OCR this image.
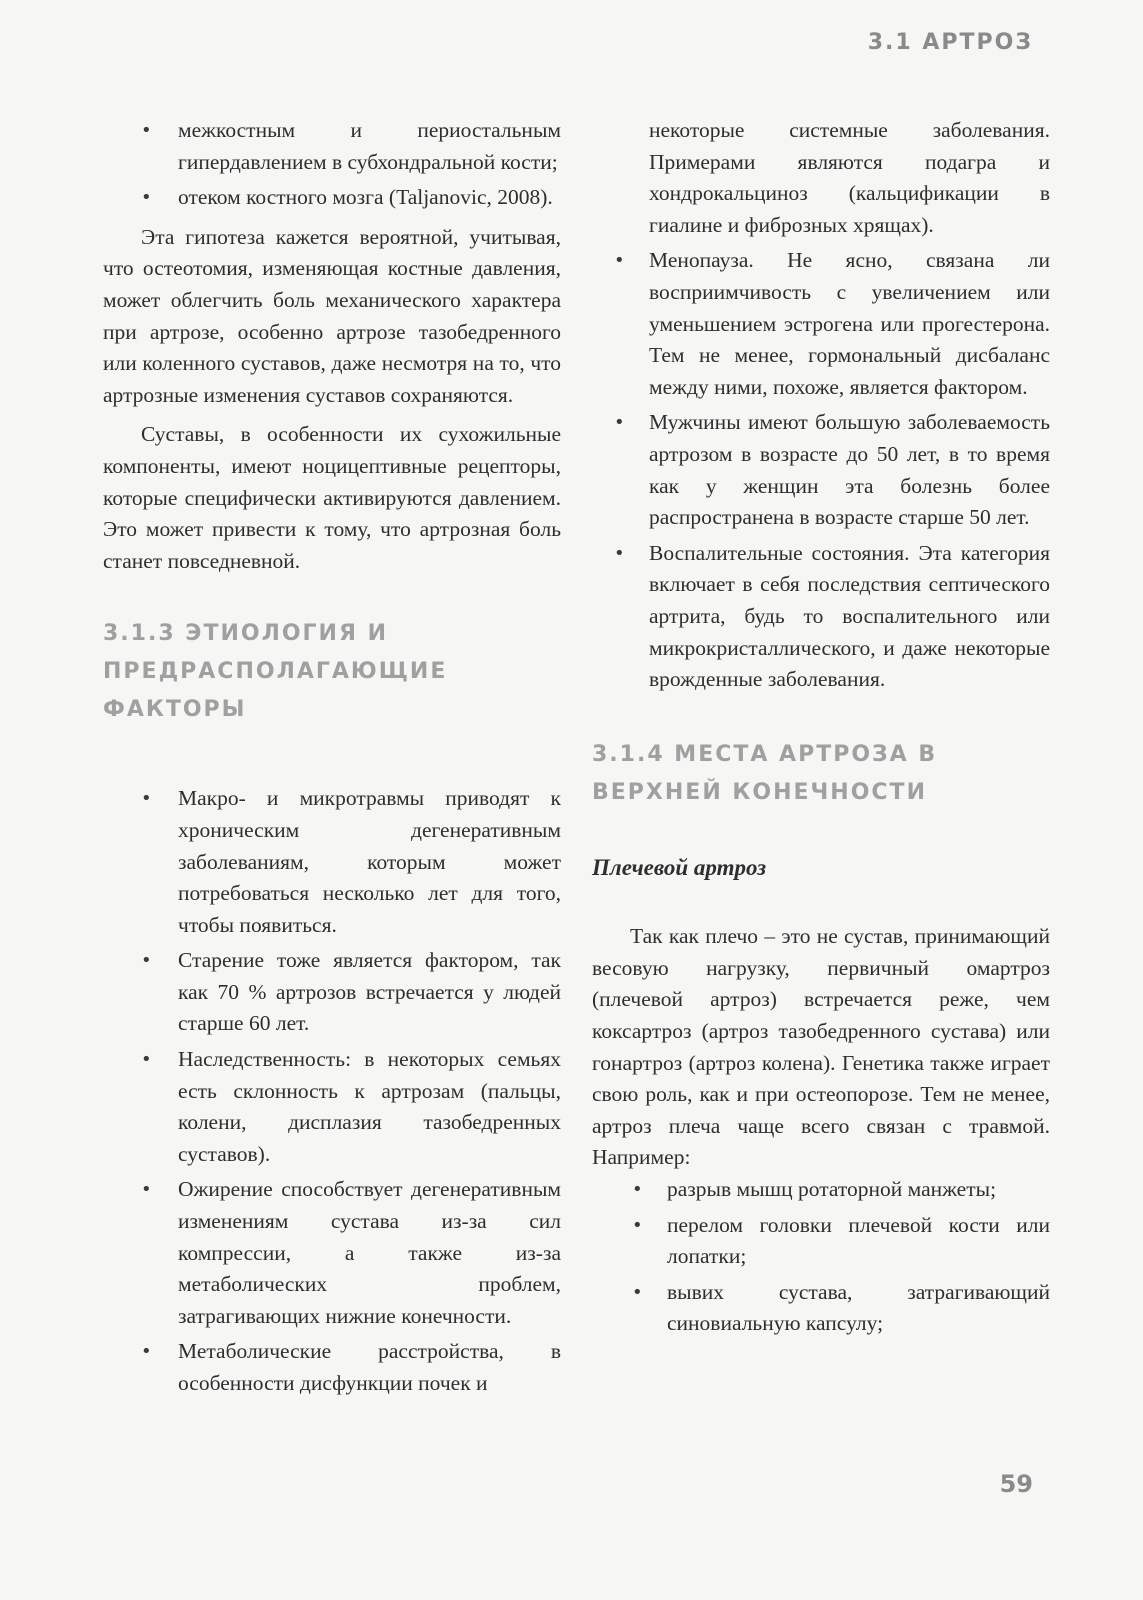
3.1 АРТРОЗ
• межкостным и периостальным гипердавлением в субхондральной кости;
• отеком костного мозга (Taljanovic, 2008).

Эта гипотеза кажется вероятной, учитывая, что остеотомия, изменяющая костные давления, может облегчить боль механического характера при артрозе, особенно артрозе тазобедренного или коленного суставов, даже несмотря на то, что артрозные изменения суставов сохраняются.

Суставы, в особенности их сухожильные компоненты, имеют ноцицептивные рецепторы, которые специфически активируются давлением. Это может привести к тому, что артрозная боль станет повседневной.

3.1.3 ЭТИОЛОГИЯ И ПРЕДРАСПОЛАГАЮЩИЕ ФАКТОРЫ
• Макро- и микротравмы приводят к хроническим дегенеративным заболеваниям, которым может потребоваться несколько лет для того, чтобы появиться.
• Старение тоже является фактором, так как 70 % артрозов встречается у людей старше 60 лет.
• Наследственность: в некоторых семьях есть склонность к артрозам (пальцы, колени, дисплазия тазобедренных суставов).
• Ожирение способствует дегенеративным изменениям сустава из-за сил компрессии, а также из-за метаболических проблем, затрагивающих нижние конечности.
• Метаболические расстройства, в особенности дисфункции почек и
некоторые системные заболевания. Примерами являются подагра и хондрокальциноз (кальцификации в гиалине и фиброзных хрящах).
• Менопауза. Не ясно, связана ли восприимчивость с увеличением или уменьшением эстрогена или прогестерона. Тем не менее, гормональный дисбаланс между ними, похоже, является фактором.
• Мужчины имеют большую заболеваемость артрозом в возрасте до 50 лет, в то время как у женщин эта болезнь более распространена в возрасте старше 50 лет.
• Воспалительные состояния. Эта категория включает в себя последствия септического артрита, будь то воспалительного или микрокристаллического, и даже некоторые врожденные заболевания.
3.1.4 МЕСТА АРТРОЗА В ВЕРХНЕЙ КОНЕЧНОСТИ
Плечевой артроз

Так как плечо – это не сустав, принимающий весовую нагрузку, первичный омартроз (плечевой артроз) встречается реже, чем коксартроз (артроз тазобедренного сустава) или гонартроз (артроз колена). Генетика также играет свою роль, как и при остеопорозе. Тем не менее, артроз плеча чаще всего связан с травмой. Например:

• разрыв мышц ротаторной манжеты;
• перелом головки плечевой кости или лопатки;
• вывих сустава, затрагивающий синовиальную капсулу;
59
